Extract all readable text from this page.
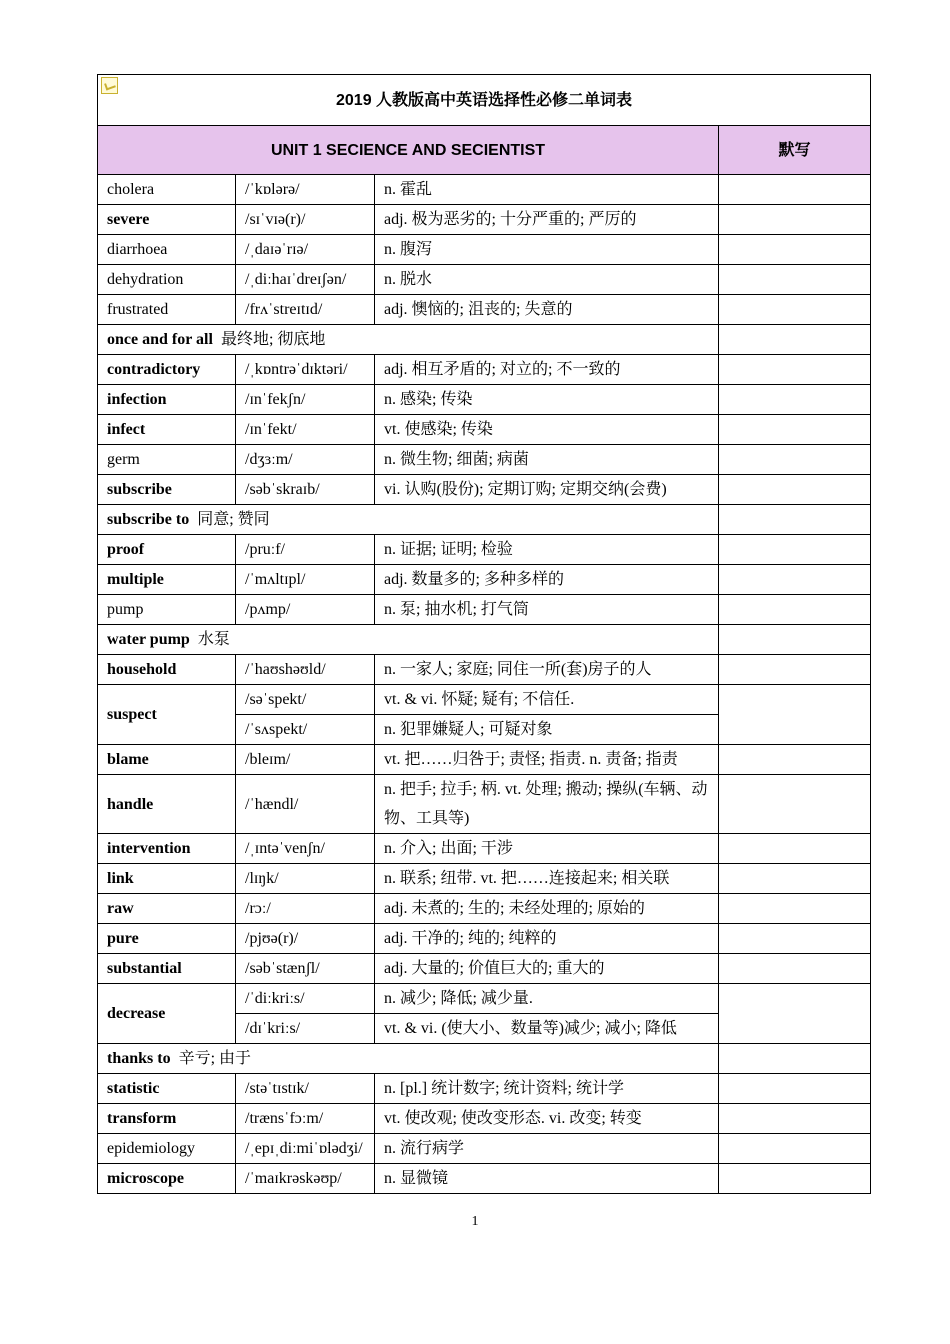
2019 人教版高中英语选择性必修二单词表			
UNIT 1 SECIENCE AND SECIENTIST			默写
cholera	/ˈkɒlərə/	n. 霍乱	
severe	/sɪˈvɪə(r)/	adj. 极为恶劣的; 十分严重的; 严厉的	
diarrhoea	/ˌdaɪəˈrɪə/	n. 腹泻	
dehydration	/ˌdiːhaɪˈdreɪʃən/	n. 脱水	
frustrated	/frʌˈstreɪtɪd/	adj. 懊恼的; 沮丧的; 失意的	
once and for all 最终地; 彻底地			
contradictory	/ˌkɒntrəˈdɪktəri/	adj. 相互矛盾的; 对立的; 不一致的	
infection	/ɪnˈfekʃn/	n. 感染; 传染	
infect	/ɪnˈfekt/	vt. 使感染; 传染	
germ	/dʒɜːm/	n. 微生物; 细菌; 病菌	
subscribe	/səbˈskraɪb/	vi. 认购(股份); 定期订购; 定期交纳(会费)	
subscribe to 同意; 赞同			
proof	/pruːf/	n. 证据; 证明; 检验	
multiple	/ˈmʌltɪpl/	adj. 数量多的; 多种多样的	
pump	/pʌmp/	n. 泵; 抽水机; 打气筒	
water pump 水泵			
household	/ˈhaʊshəʊld/	n. 一家人; 家庭; 同住一所(套)房子的人	
suspect	/səˈspekt/	vt. & vi. 怀疑; 疑有; 不信任.	
	/ˈsʌspekt/	n. 犯罪嫌疑人; 可疑对象	
blame	/bleɪm/	vt. 把……归咎于; 责怪; 指责. n. 责备; 指责	
handle	/ˈhændl/	n. 把手; 拉手; 柄. vt. 处理; 搬动; 操纵(车辆、动物、工具等)	
intervention	/ˌɪntəˈvenʃn/	n. 介入; 出面; 干涉	
link	/lɪŋk/	n. 联系; 纽带. vt. 把……连接起来; 相关联	
raw	/rɔː/	adj. 未煮的; 生的; 未经处理的; 原始的	
pure	/pjʊə(r)/	adj. 干净的; 纯的; 纯粹的	
substantial	/səbˈstænʃl/	adj. 大量的; 价值巨大的; 重大的	
decrease	/ˈdiːkriːs/	n. 减少; 降低; 减少量.	
	/dɪˈkriːs/	vt. & vi. (使大小、数量等)减少; 减小; 降低	
thanks to 辛亏; 由于			
statistic	/stəˈtɪstɪk/	n. [pl.] 统计数字; 统计资料; 统计学	
transform	/trænsˈfɔːm/	vt. 使改观; 使改变形态. vi. 改变; 转变	
epidemiology	/ˌepɪˌdiːmiˈɒlədʒi/	n. 流行病学	
microscope	/ˈmaɪkrəskəʊp/	n. 显微镜	
1
